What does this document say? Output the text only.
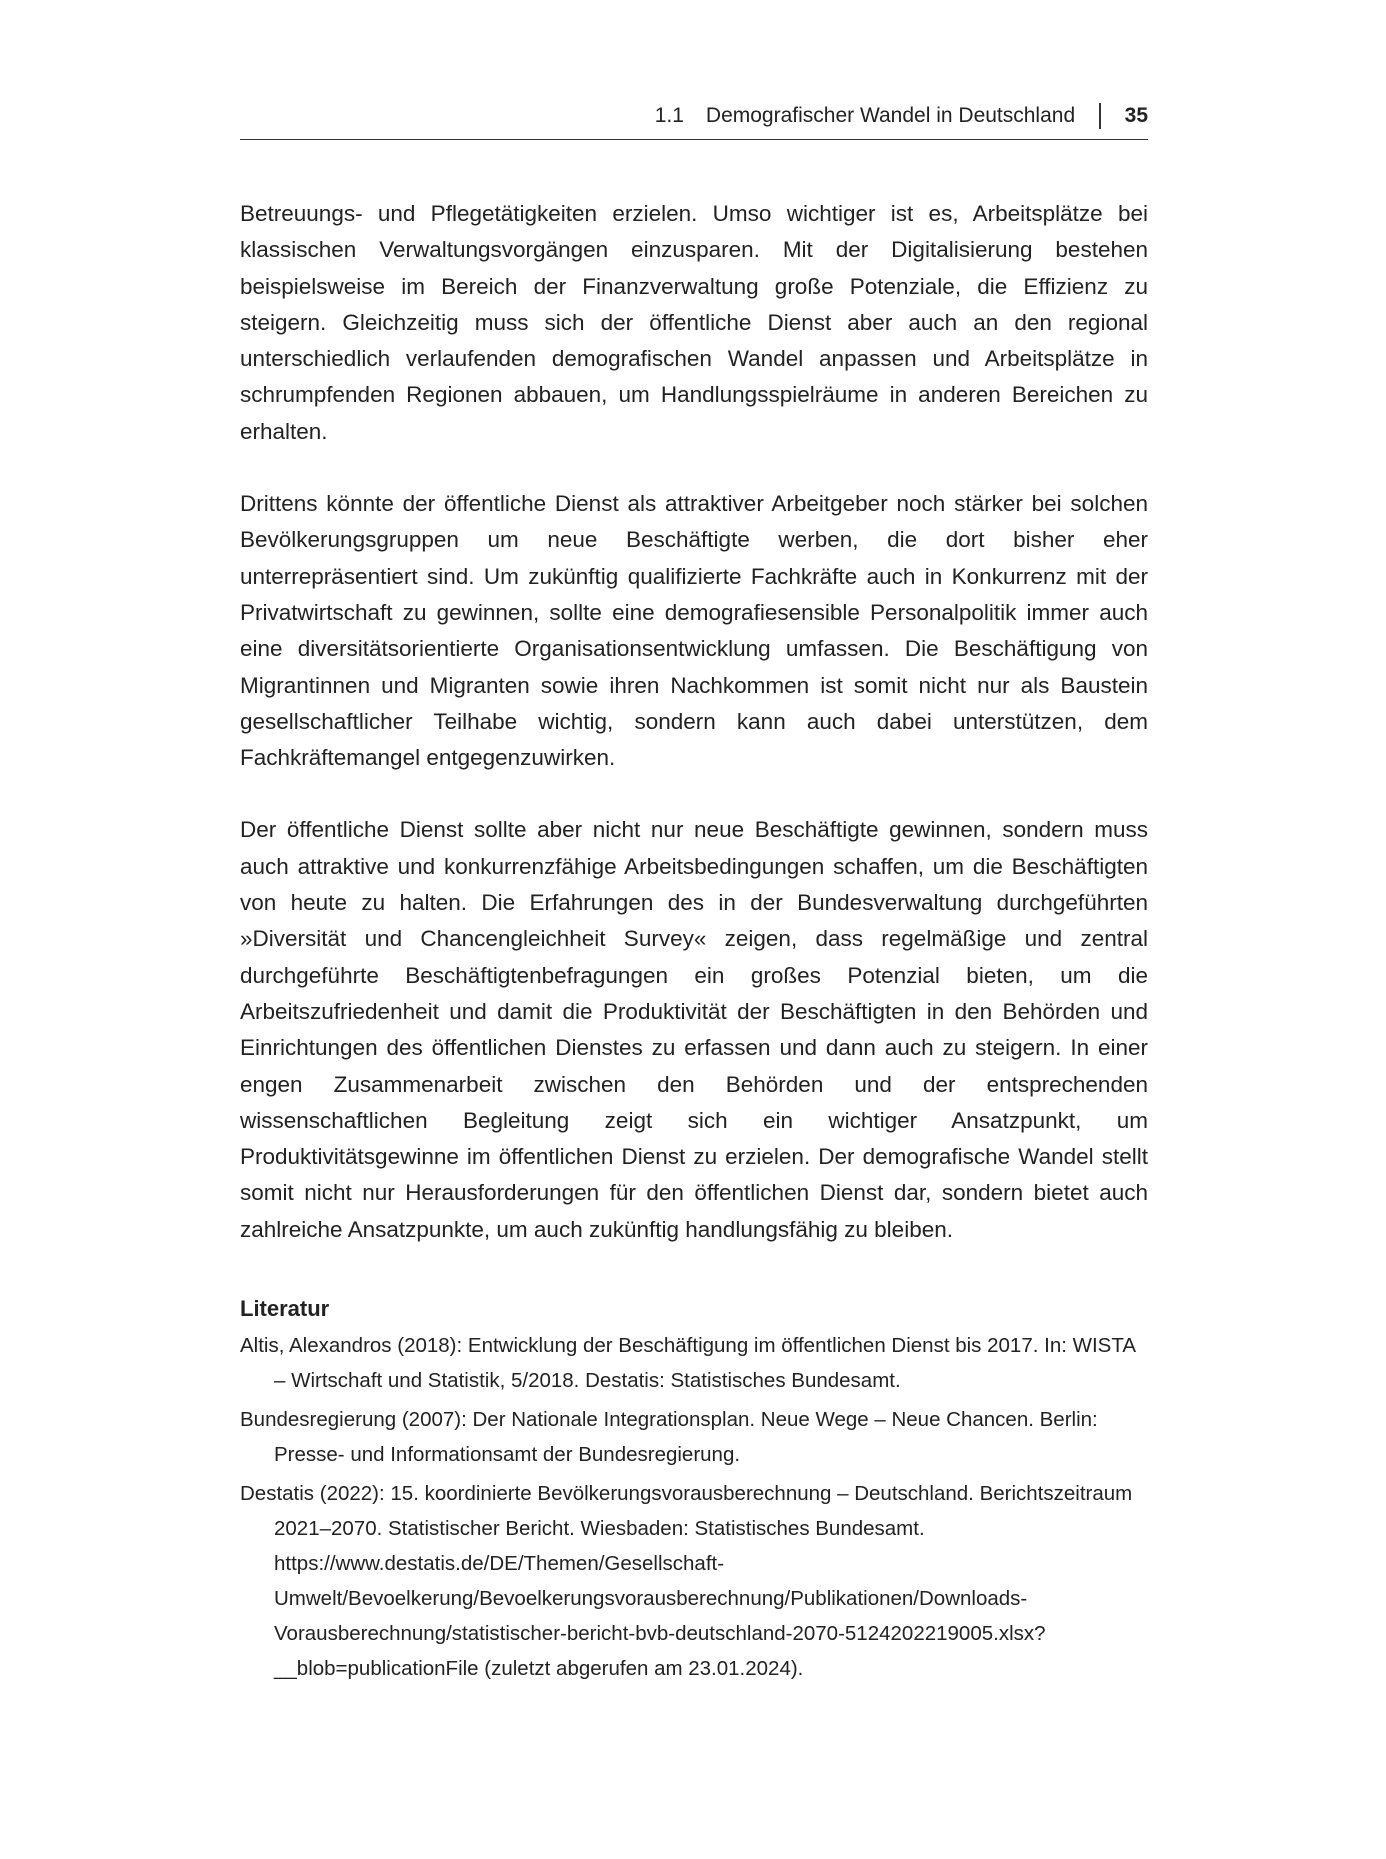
1.1 Demografischer Wandel in Deutschland 35

Betreuungs- und Pflegetätigkeiten erzielen. Umso wichtiger ist es, Arbeitsplätze bei klassischen Verwaltungsvorgängen einzusparen. Mit der Digitalisierung bestehen beispielsweise im Bereich der Finanzverwaltung große Potenziale, die Effizienz zu steigern. Gleichzeitig muss sich der öffentliche Dienst aber auch an den regional unterschiedlich verlaufenden demografischen Wandel anpassen und Arbeitsplätze in schrumpfenden Regionen abbauen, um Handlungsspielräume in anderen Bereichen zu erhalten.

Drittens könnte der öffentliche Dienst als attraktiver Arbeitgeber noch stärker bei solchen Bevölkerungsgruppen um neue Beschäftigte werben, die dort bisher eher unterrepräsentiert sind. Um zukünftig qualifizierte Fachkräfte auch in Konkurrenz mit der Privatwirtschaft zu gewinnen, sollte eine demografiesensible Personalpolitik immer auch eine diversitätsorientierte Organisationsentwicklung umfassen. Die Beschäftigung von Migrantinnen und Migranten sowie ihren Nachkommen ist somit nicht nur als Baustein gesellschaftlicher Teilhabe wichtig, sondern kann auch dabei unterstützen, dem Fachkräftemangel entgegenzuwirken.

Der öffentliche Dienst sollte aber nicht nur neue Beschäftigte gewinnen, sondern muss auch attraktive und konkurrenzfähige Arbeitsbedingungen schaffen, um die Beschäftigten von heute zu halten. Die Erfahrungen des in der Bundesverwaltung durchgeführten »Diversität und Chancengleichheit Survey« zeigen, dass regelmäßige und zentral durchgeführte Beschäftigtenbefragungen ein großes Potenzial bieten, um die Arbeitszufriedenheit und damit die Produktivität der Beschäftigten in den Behörden und Einrichtungen des öffentlichen Dienstes zu erfassen und dann auch zu steigern. In einer engen Zusammenarbeit zwischen den Behörden und der entsprechenden wissenschaftlichen Begleitung zeigt sich ein wichtiger Ansatzpunkt, um Produktivitätsgewinne im öffentlichen Dienst zu erzielen. Der demografische Wandel stellt somit nicht nur Herausforderungen für den öffentlichen Dienst dar, sondern bietet auch zahlreiche Ansatzpunkte, um auch zukünftig handlungsfähig zu bleiben.

Literatur
Altis, Alexandros (2018): Entwicklung der Beschäftigung im öffentlichen Dienst bis 2017. In: WISTA – Wirtschaft und Statistik, 5/2018. Destatis: Statistisches Bundesamt.
Bundesregierung (2007): Der Nationale Integrationsplan. Neue Wege – Neue Chancen. Berlin: Presse- und Informationsamt der Bundesregierung.
Destatis (2022): 15. koordinierte Bevölkerungsvorausberechnung – Deutschland. Berichtszeitraum 2021–2070. Statistischer Bericht. Wiesbaden: Statistisches Bundesamt. https://www.destatis.de/DE/Themen/Gesellschaft-Umwelt/Bevoelkerung/Bevoelkerungsvorausberechnung/Publikationen/Downloads-Vorausberechnung/statistischer-bericht-bvb-deutschland-2070-5124202219005.xlsx?__blob=publicationFile (zuletzt abgerufen am 23.01.2024).
